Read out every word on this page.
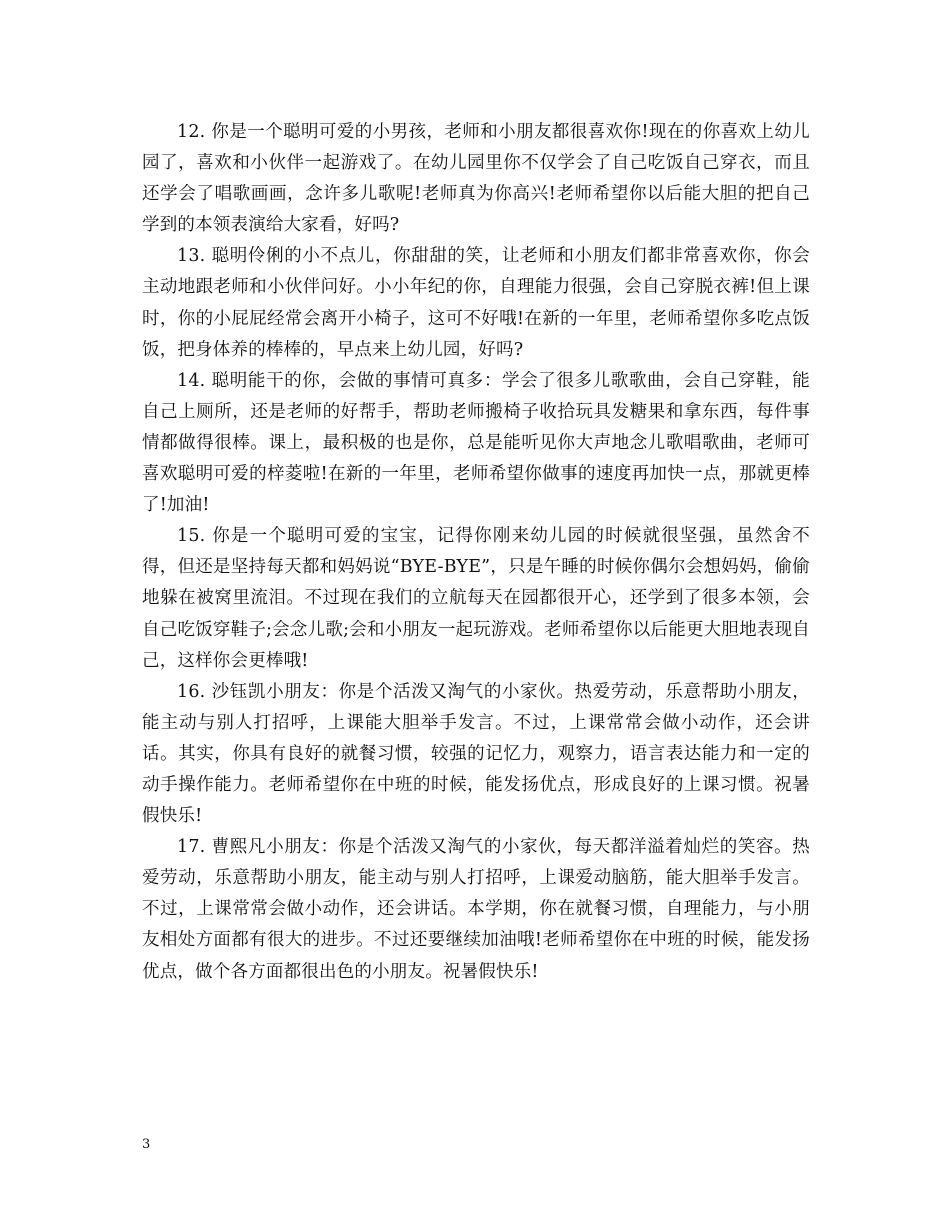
12. 你是一个聪明可爱的小男孩，老师和小朋友都很喜欢你!现在的你喜欢上幼儿园了，喜欢和小伙伴一起游戏了。在幼儿园里你不仅学会了自己吃饭自己穿衣，而且还学会了唱歌画画，念许多儿歌呢!老师真为你高兴!老师希望你以后能大胆的把自己学到的本领表演给大家看，好吗?

13. 聪明伶俐的小不点儿，你甜甜的笑，让老师和小朋友们都非常喜欢你，你会主动地跟老师和小伙伴问好。小小年纪的你，自理能力很强，会自己穿脱衣裤!但上课时，你的小屁屁经常会离开小椅子，这可不好哦!在新的一年里，老师希望你多吃点饭饭，把身体养的棒棒的，早点来上幼儿园，好吗?

14. 聪明能干的你，会做的事情可真多：学会了很多儿歌歌曲，会自己穿鞋，能自己上厕所，还是老师的好帮手，帮助老师搬椅子收拾玩具发糖果和拿东西，每件事情都做得很棒。课上，最积极的也是你，总是能听见你大声地念儿歌唱歌曲，老师可喜欢聪明可爱的梓菱啦!在新的一年里，老师希望你做事的速度再加快一点，那就更棒了!加油!

15. 你是一个聪明可爱的宝宝，记得你刚来幼儿园的时候就很坚强，虽然舍不得，但还是坚持每天都和妈妈说“BYE-BYE”，只是午睡的时候你偶尔会想妈妈，偷偷地躲在被窝里流泪。不过现在我们的立航每天在园都很开心，还学到了很多本领，会自己吃饭穿鞋子;会念儿歌;会和小朋友一起玩游戏。老师希望你以后能更大胆地表现自己，这样你会更棒哦!

16. 沙钰凯小朋友：你是个活泼又淘气的小家伙。热爱劳动，乐意帮助小朋友，能主动与别人打招呼，上课能大胆举手发言。不过，上课常常会做小动作，还会讲话。其实，你具有良好的就餐习惯，较强的记忆力，观察力，语言表达能力和一定的动手操作能力。老师希望你在中班的时候，能发扬优点，形成良好的上课习惯。祝暑假快乐!

17. 曹熙凡小朋友：你是个活泼又淘气的小家伙，每天都洋溢着灿烂的笑容。热爱劳动，乐意帮助小朋友，能主动与别人打招呼，上课爱动脑筋，能大胆举手发言。不过，上课常常会做小动作，还会讲话。本学期，你在就餐习惯，自理能力，与小朋友相处方面都有很大的进步。不过还要继续加油哦!老师希望你在中班的时候，能发扬优点，做个各方面都很出色的小朋友。祝暑假快乐!

3
